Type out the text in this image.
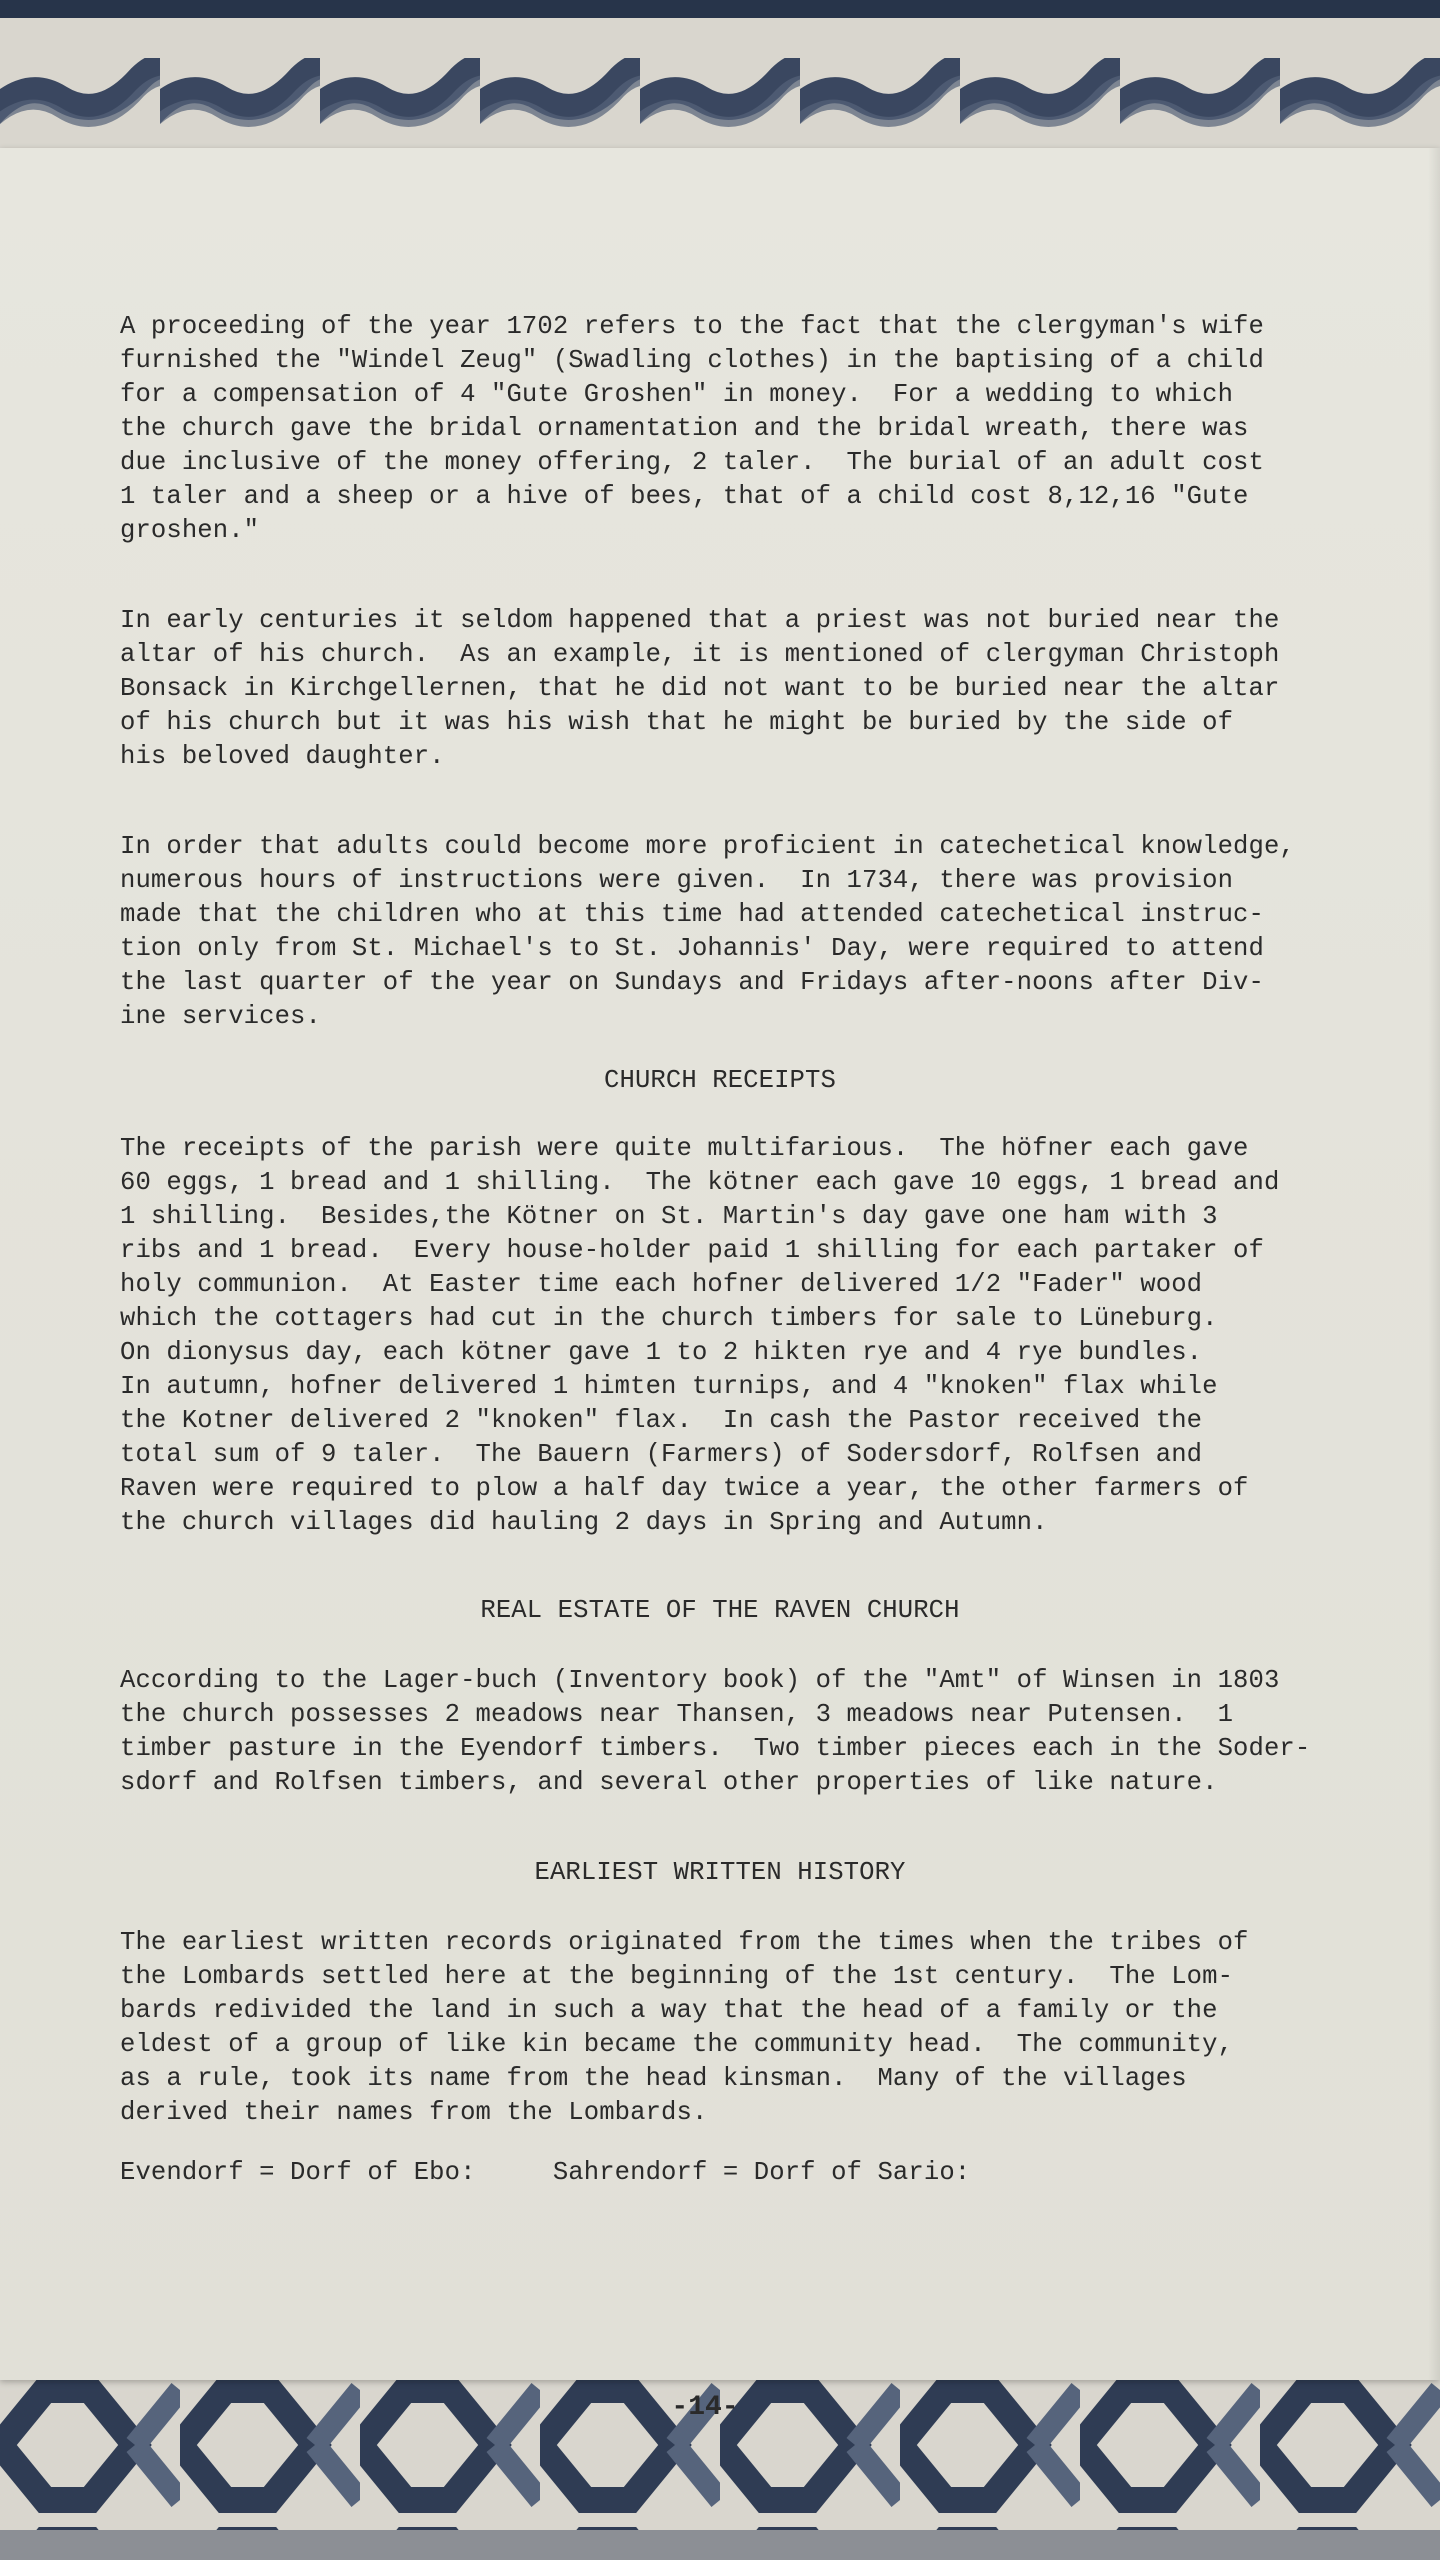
A proceeding of the year 1702 refers to the fact that the clergyman's wife
furnished the "Windel Zeug" (Swadling clothes) in the baptising of a child
for a compensation of 4 "Gute Groshen" in money.  For a wedding to which
the church gave the bridal ornamentation and the bridal wreath, there was
due inclusive of the money offering, 2 taler.  The burial of an adult cost
1 taler and a sheep or a hive of bees, that of a child cost 8,12,16 "Gute
groshen."

In early centuries it seldom happened that a priest was not buried near the
altar of his church.  As an example, it is mentioned of clergyman Christoph
Bonsack in Kirchgellernen, that he did not want to be buried near the altar
of his church but it was his wish that he might be buried by the side of
his beloved daughter.

In order that adults could become more proficient in catechetical knowledge,
numerous hours of instructions were given.  In 1734, there was provision
made that the children who at this time had attended catechetical instruc-
tion only from St. Michael's to St. Johannis' Day, were required to attend
the last quarter of the year on Sundays and Fridays after-noons after Div-
ine services.

CHURCH RECEIPTS

The receipts of the parish were quite multifarious.  The höfner each gave
60 eggs, 1 bread and 1 shilling.  The kötner each gave 10 eggs, 1 bread and
1 shilling.  Besides,the Kötner on St. Martin's day gave one ham with 3
ribs and 1 bread.  Every house-holder paid 1 shilling for each partaker of
holy communion.  At Easter time each hofner delivered 1/2 "Fader" wood
which the cottagers had cut in the church timbers for sale to Lüneburg.
On dionysus day, each kötner gave 1 to 2 hikten rye and 4 rye bundles.
In autumn, hofner delivered 1 himten turnips, and 4 "knoken" flax while
the Kotner delivered 2 "knoken" flax.  In cash the Pastor received the
total sum of 9 taler.  The Bauern (Farmers) of Sodersdorf, Rolfsen and
Raven were required to plow a half day twice a year, the other farmers of
the church villages did hauling 2 days in Spring and Autumn.

REAL ESTATE OF THE RAVEN CHURCH

According to the Lager-buch (Inventory book) of the "Amt" of Winsen in 1803
the church possesses 2 meadows near Thansen, 3 meadows near Putensen.  1
timber pasture in the Eyendorf timbers.  Two timber pieces each in the Soder-
sdorf and Rolfsen timbers, and several other properties of like nature.

EARLIEST WRITTEN HISTORY

The earliest written records originated from the times when the tribes of
the Lombards settled here at the beginning of the 1st century.  The Lom-
bards redivided the land in such a way that the head of a family or the
eldest of a group of like kin became the community head.  The community,
as a rule, took its name from the head kinsman.  Many of the villages
derived their names from the Lombards.

Evendorf = Dorf of Ebo:     Sahrendorf = Dorf of Sario:

-14-
